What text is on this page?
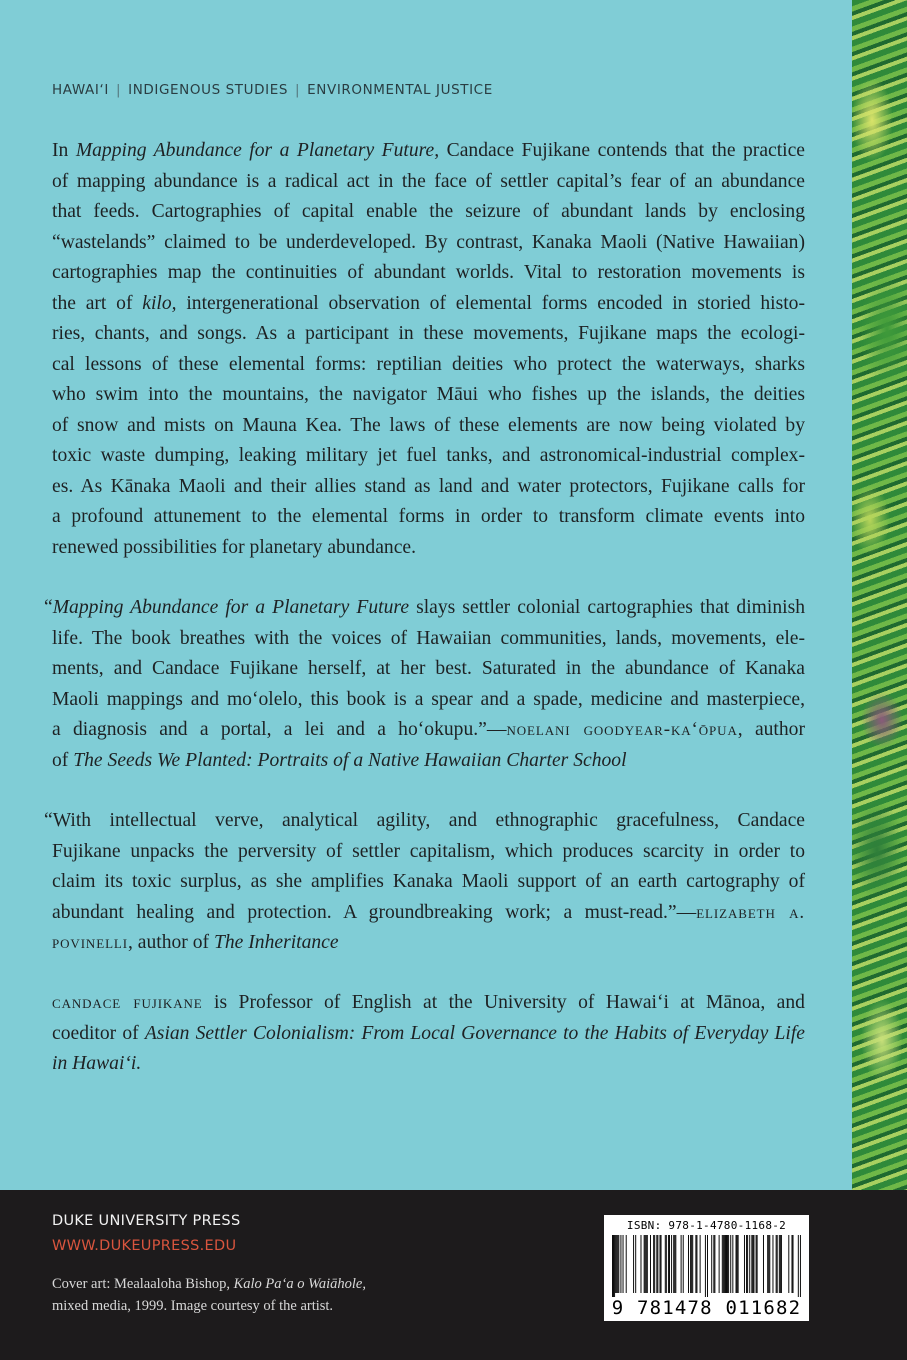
HAWAI‘I | INDIGENOUS STUDIES | ENVIRONMENTAL JUSTICE
In Mapping Abundance for a Planetary Future, Candace Fujikane contends that the practice
of mapping abundance is a radical act in the face of settler capital’s fear of an abundance
that feeds. Cartographies of capital enable the seizure of abundant lands by enclosing
“wastelands” claimed to be underdeveloped. By contrast, Kanaka Maoli (Native Hawaiian)
cartographies map the continuities of abundant worlds. Vital to restoration movements is
the art of kilo, intergenerational observation of elemental forms encoded in storied histo-
ries, chants, and songs. As a participant in these movements, Fujikane maps the ecologi-
cal lessons of these elemental forms: reptilian deities who protect the waterways, sharks
who swim into the mountains, the navigator Māui who fishes up the islands, the deities
of snow and mists on Mauna Kea. The laws of these elements are now being violated by
toxic waste dumping, leaking military jet fuel tanks, and astronomical-industrial complex-
es. As Kānaka Maoli and their allies stand as land and water protectors, Fujikane calls for
a profound attunement to the elemental forms in order to transform climate events into
renewed possibilities for planetary abundance.
“Mapping Abundance for a Planetary Future slays settler colonial cartographies that diminish
life. The book breathes with the voices of Hawaiian communities, lands, movements, ele-
ments, and Candace Fujikane herself, at her best. Saturated in the abundance of Kanaka
Maoli mappings and moʻolelo, this book is a spear and a spade, medicine and masterpiece,
a diagnosis and a portal, a lei and a hoʻokupu.”—noelani goodyear-kaʻōpua, author
of The Seeds We Planted: Portraits of a Native Hawaiian Charter School
“With intellectual verve, analytical agility, and ethnographic gracefulness, Candace
Fujikane unpacks the perversity of settler capitalism, which produces scarcity in order to
claim its toxic surplus, as she amplifies Kanaka Maoli support of an earth cartography of
abundant healing and protection. A groundbreaking work; a must-read.”—elizabeth a.
povinelli, author of The Inheritance
candace fujikane is Professor of English at the University of Hawaiʻi at Mānoa, and
coeditor of Asian Settler Colonialism: From Local Governance to the Habits of Everyday Life
in Hawaiʻi.
DUKE UNIVERSITY PRESS
WWW.DUKEUPRESS.EDU
Cover art: Mealaaloha Bishop, Kalo Paʻa o Waiāhole,
mixed media, 1999. Image courtesy of the artist.
ISBN: 978-1-4780-1168-2
9 781478 011682
